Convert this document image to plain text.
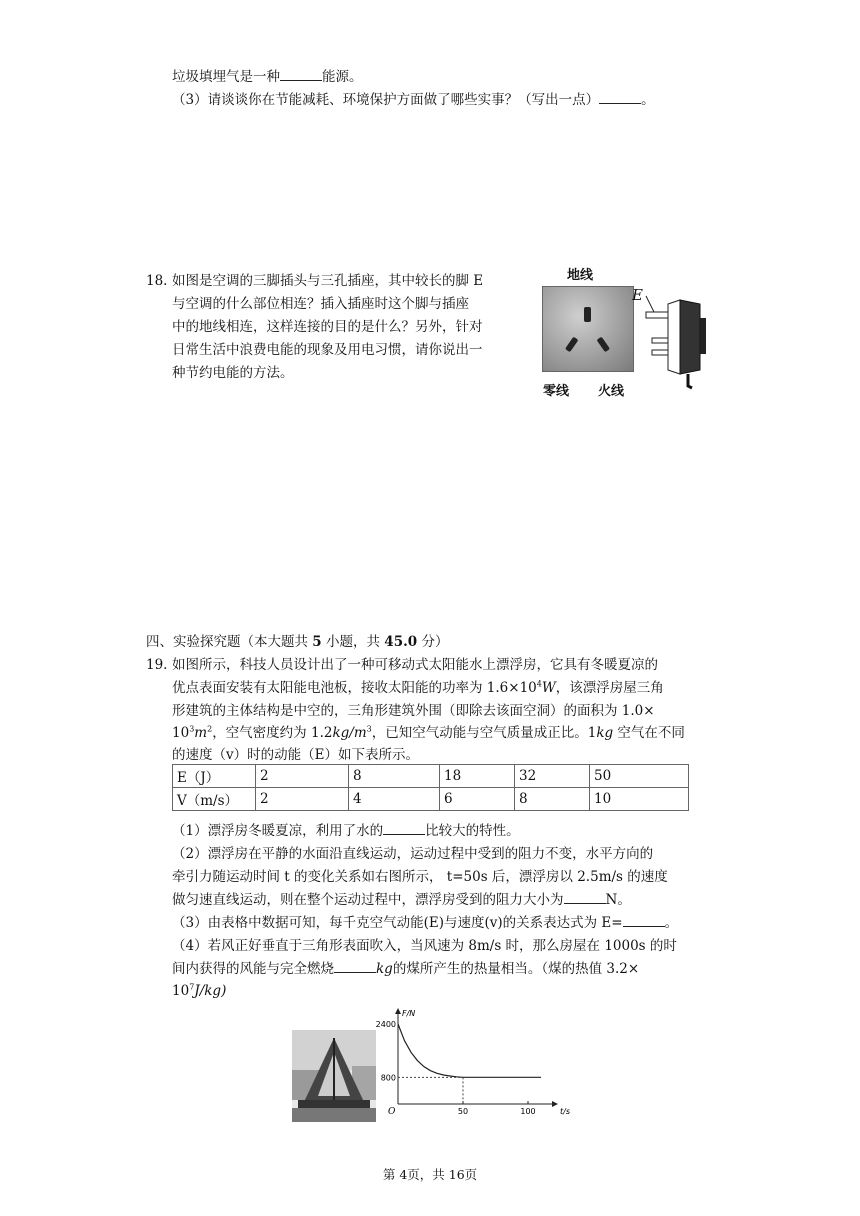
垃圾填埋气是一种	能源。
（3）请谈谈你在节能减耗、环境保护方面做了哪些实事？（写出一点）	。
18. 如图是空调的三脚插头与三孔插座，其中较长的脚 E
与空调的什么部位相连？插入插座时这个脚与插座
中的地线相连，这样连接的目的是什么？另外，针对
日常生活中浪费电能的现象及用电习惯，请你说出一
种节约电能的方法。
地线
零线 火线
E
四、实验探究题（本大题共 5 小题，共 45.0 分）
19. 如图所示，科技人员设计出了一种可移动式太阳能水上漂浮房，它具有冬暖夏凉的
优点表面安装有太阳能电池板，接收太阳能的功率为 $1.6\times 10^4W$，该漂浮房屋三角
形建筑的主体结构是中空的，三角形建筑外围（即除去该面空洞）的面积为 1.0×
$10^3m^2$，空气密度约为 $1.2kg/m^3$，已知空气动能与空气质量成正比。1kg 空气在不同
的速度（v）时的动能（E）如下表所示。
E（J）	2	8	18	32	50
V（m/s）	2	4	6	8	10
（1）漂浮房冬暖夏凉，利用了水的	比较大的特性。
（2）漂浮房在平静的水面沿直线运动，运动过程中受到的阻力不变，水平方向的
牵引力随运动时间 t 的变化关系如右图所示， t=50s 后，漂浮房以 2.5m/s 的速度
做匀速直线运动，则在整个运动过程中，漂浮房受到的阻力大小为	N。
（3）由表格中数据可知，每千克空气动能(E)与速度(v)的关系表达式为 E=	。
（4）若风正好垂直于三角形表面吹入，当风速为 8m/s 时，那么房屋在 1000s 的时
间内获得的风能与完全燃烧	kg的煤所产生的热量相当。（煤的热值 3.2×
$10^7J/kg$)
F/N
t/s
O
800
2400
50	100
第 4页，共 16页
